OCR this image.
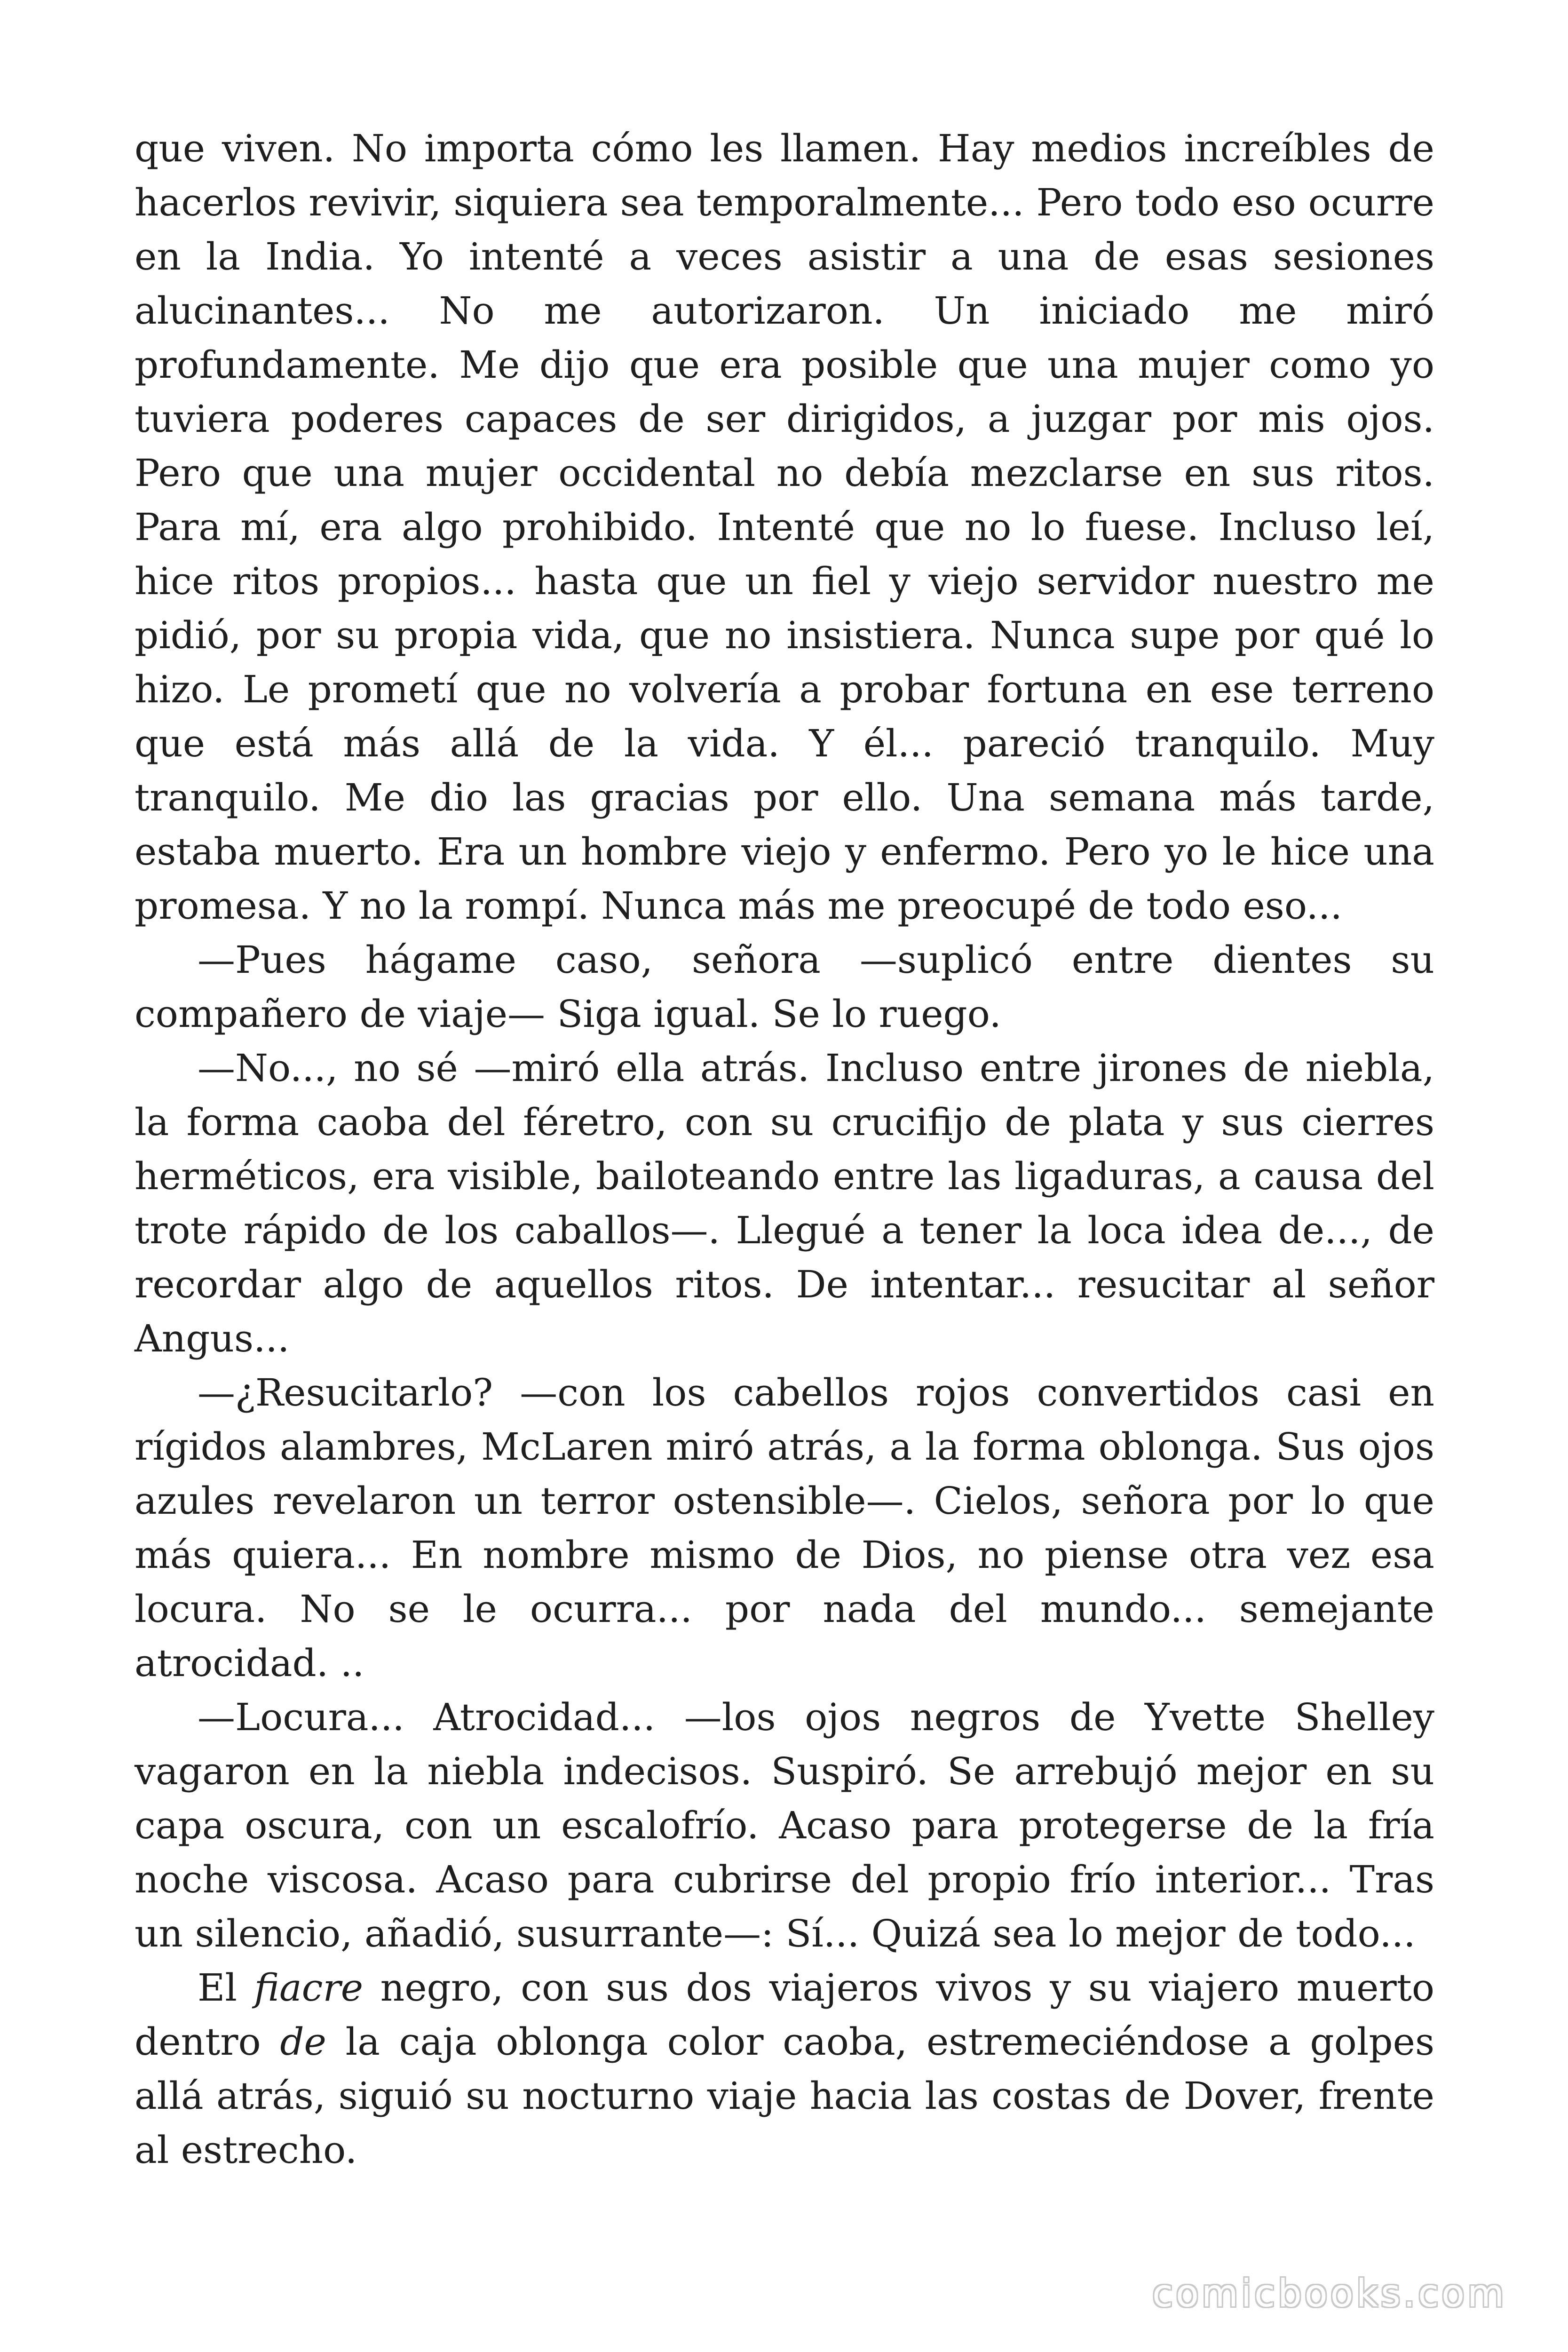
que viven. No importa cómo les llamen. Hay medios increíbles de hacerlos revivir, siquiera sea temporalmente... Pero todo eso ocurre en la India. Yo intenté a veces asistir a una de esas sesiones alucinantes... No me autorizaron. Un iniciado me miró profundamente. Me dijo que era posible que una mujer como yo tuviera poderes capaces de ser dirigidos, a juzgar por mis ojos. Pero que una mujer occidental no debía mezclarse en sus ritos. Para mí, era algo prohibido. Intenté que no lo fuese. Incluso leí, hice ritos propios... hasta que un fiel y viejo servidor nuestro me pidió, por su propia vida, que no insistiera. Nunca supe por qué lo hizo. Le prometí que no volvería a probar fortuna en ese terreno que está más allá de la vida. Y él... pareció tranquilo. Muy tranquilo. Me dio las gracias por ello. Una semana más tarde, estaba muerto. Era un hombre viejo y enfermo. Pero yo le hice una promesa. Y no la rompí. Nunca más me preocupé de todo eso...

—Pues hágame caso, señora —suplicó entre dientes su compañero de viaje— Siga igual. Se lo ruego.

—No..., no sé —miró ella atrás. Incluso entre jirones de niebla, la forma caoba del féretro, con su crucifijo de plata y sus cierres herméticos, era visible, bailoteando entre las ligaduras, a causa del trote rápido de los caballos—. Llegué a tener la loca idea de..., de recordar algo de aquellos ritos. De intentar... resucitar al señor Angus...

—¿Resucitarlo? —con los cabellos rojos convertidos casi en rígidos alambres, McLaren miró atrás, a la forma oblonga. Sus ojos azules revelaron un terror ostensible—. Cielos, señora por lo que más quiera... En nombre mismo de Dios, no piense otra vez esa locura. No se le ocurra... por nada del mundo... semejante atrocidad. ..

—Locura... Atrocidad... —los ojos negros de Yvette Shelley vagaron en la niebla indecisos. Suspiró. Se arrebujó mejor en su capa oscura, con un escalofrío. Acaso para protegerse de la fría noche viscosa. Acaso para cubrirse del propio frío interior... Tras un silencio, añadió, susurrante—: Sí... Quizá sea lo mejor de todo...

El fiacre negro, con sus dos viajeros vivos y su viajero muerto dentro de la caja oblonga color caoba, estremeciéndose a golpes allá atrás, siguió su nocturno viaje hacia las costas de Dover, frente al estrecho.

comicbooks.com
